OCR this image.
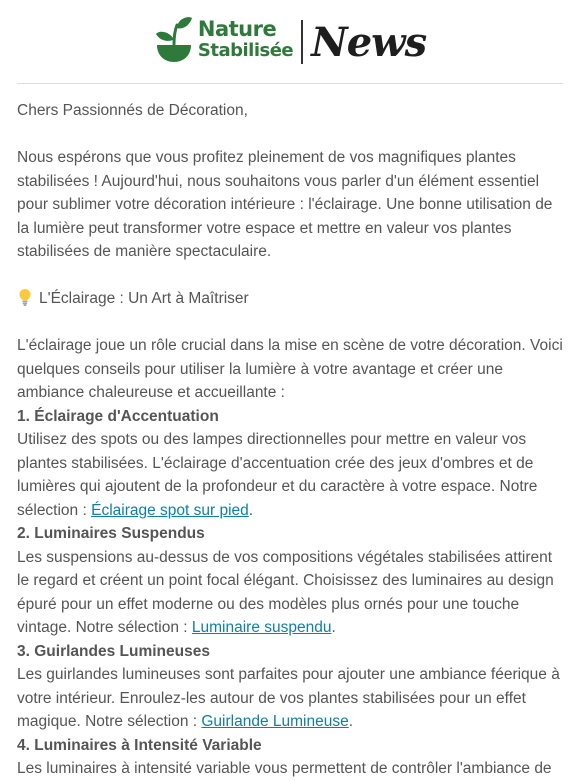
Nature
Stabilisée News

Chers Passionnés de Décoration,

Nous espérons que vous profitez pleinement de vos magnifiques plantes stabilisées ! Aujourd'hui, nous souhaitons vous parler d'un élément essentiel pour sublimer votre décoration intérieure : l'éclairage. Une bonne utilisation de la lumière peut transformer votre espace et mettre en valeur vos plantes stabilisées de manière spectaculaire.

L'Éclairage : Un Art à Maîtriser

L'éclairage joue un rôle crucial dans la mise en scène de votre décoration. Voici quelques conseils pour utiliser la lumière à votre avantage et créer une ambiance chaleureuse et accueillante :

1. Éclairage d'Accentuation

Utilisez des spots ou des lampes directionnelles pour mettre en valeur vos plantes stabilisées. L'éclairage d'accentuation crée des jeux d'ombres et de lumières qui ajoutent de la profondeur et du caractère à votre espace. Notre sélection : Éclairage spot sur pied.

2. Luminaires Suspendus

Les suspensions au-dessus de vos compositions végétales stabilisées attirent le regard et créent un point focal élégant. Choisissez des luminaires au design épuré pour un effet moderne ou des modèles plus ornés pour une touche vintage. Notre sélection : Luminaire suspendu.

3. Guirlandes Lumineuses

Les guirlandes lumineuses sont parfaites pour ajouter une ambiance féerique à votre intérieur. Enroulez-les autour de vos plantes stabilisées pour un effet magique. Notre sélection : Guirlande Lumineuse.

4. Luminaires à Intensité Variable

Les luminaires à intensité variable vous permettent de contrôler l'ambiance de
